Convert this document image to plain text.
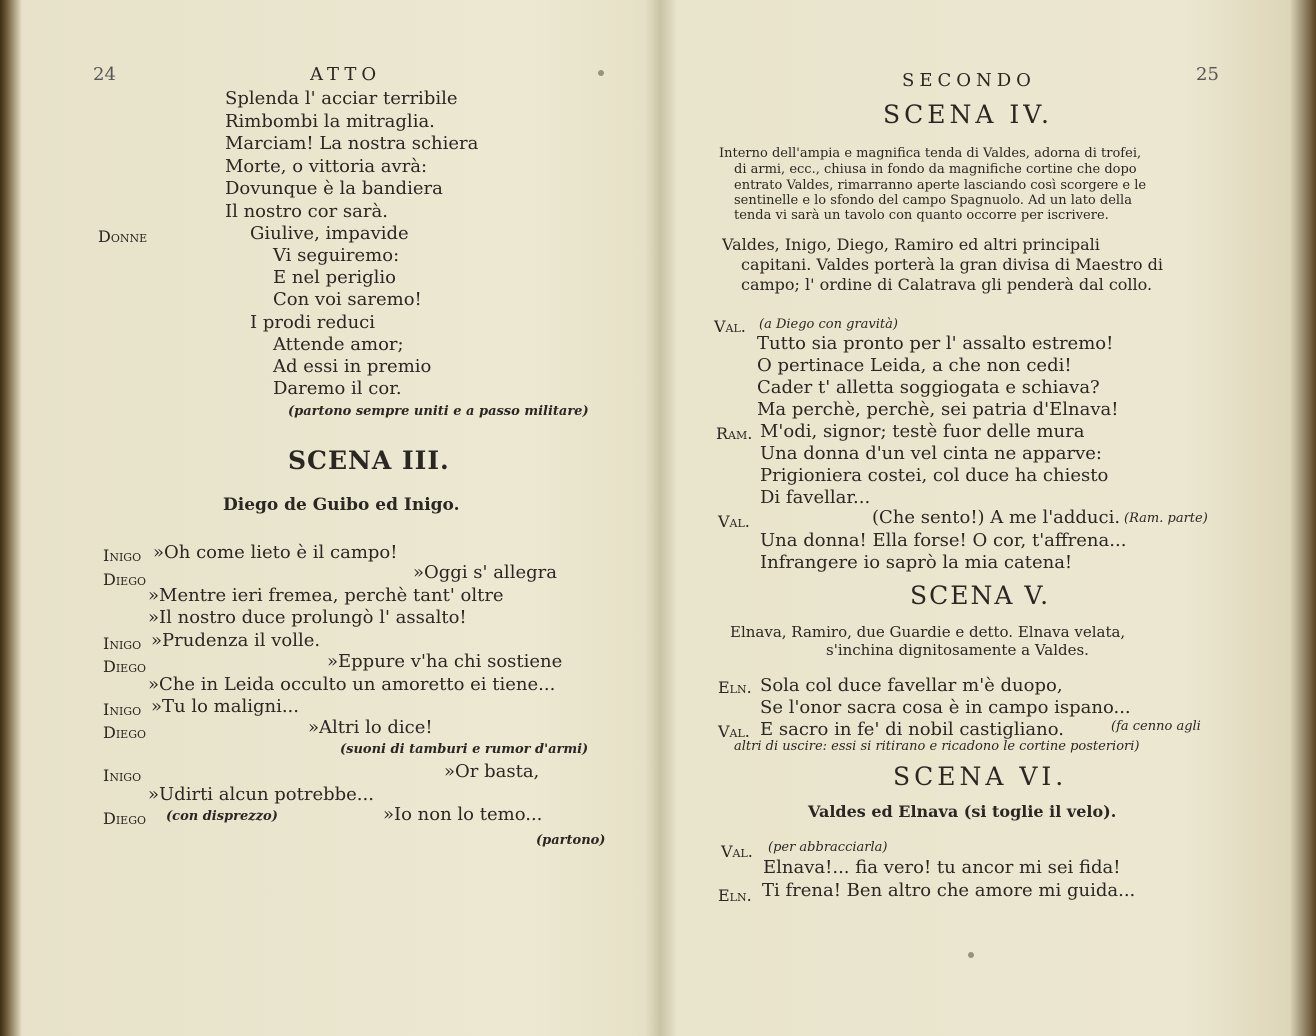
24	ATTO
Splenda l' acciar terribile
Rimbombi la mitraglia.
Marciam! La nostra schiera
Morte, o vittoria avrà:
Dovunque è la bandiera
Il nostro cor sarà.
Donne	Giulive, impavide
Vi seguiremo:
E nel periglio
Con voi saremo!
I prodi reduci
Attende amor;
Ad essi in premio
Daremo il cor.
(partono sempre uniti e a passo militare)
SCENA III.
Diego de Guibo ed Inigo.
Inigo »Oh come lieto è il campo!
Diego	»Oggi s' allegra
»Mentre ieri fremea, perchè tant' oltre
»Il nostro duce prolungò l' assalto!
Inigo »Prudenza il volle.
Diego	»Eppure v'ha chi sostiene
»Che in Leida occulto un amoretto ei tiene...
Inigo »Tu lo maligni...
Diego	»Altri lo dice!
(suoni di tamburi e rumor d'armi)
Inigo	»Or basta,
»Udirti alcun potrebbe...
Diego (con disprezzo)	»Io non lo temo...
(partono)
SECONDO	25
SCENA IV.
Interno dell'ampia e magnifica tenda di Valdes, adorna di trofei,
di armi, ecc., chiusa in fondo da magnifiche cortine che dopo
entrato Valdes, rimarranno aperte lasciando così scorgere e le
sentinelle e lo sfondo del campo Spagnuolo. Ad un lato della
tenda vi sarà un tavolo con quanto occorre per iscrivere.
Valdes, Inigo, Diego, Ramiro ed altri principali
capitani. Valdes porterà la gran divisa di Maestro di
campo; l' ordine di Calatrava gli penderà dal collo.
Val. (a Diego con gravità)
Tutto sia pronto per l' assalto estremo!
O pertinace Leida, a che non cedi!
Cader t' alletta soggiogata e schiava?
Ma perchè, perchè, sei patria d'Elnava!
Ram. M'odi, signor; testè fuor delle mura
Una donna d'un vel cinta ne apparve:
Prigioniera costei, col duce ha chiesto
Di favellar...
Val.	(Che sento!) A me l'adduci. (Ram. parte)
Una donna! Ella forse! O cor, t'affrena...
Infrangere io saprò la mia catena!
SCENA V.
Elnava, Ramiro, due Guardie e detto. Elnava velata,
s'inchina dignitosamente a Valdes.
Eln. Sola col duce favellar m'è duopo,
Se l'onor sacra cosa è in campo ispano...
Val. E sacro in fe' di nobil castigliano.	(fa cenno agli
altri di uscire: essi si ritirano e ricadono le cortine posteriori)
SCENA VI.
Valdes ed Elnava (si toglie il velo).
Val. (per abbracciarla)
Elnava!... fia vero! tu ancor mi sei fida!
Eln. Ti frena! Ben altro che amore mi guida...
